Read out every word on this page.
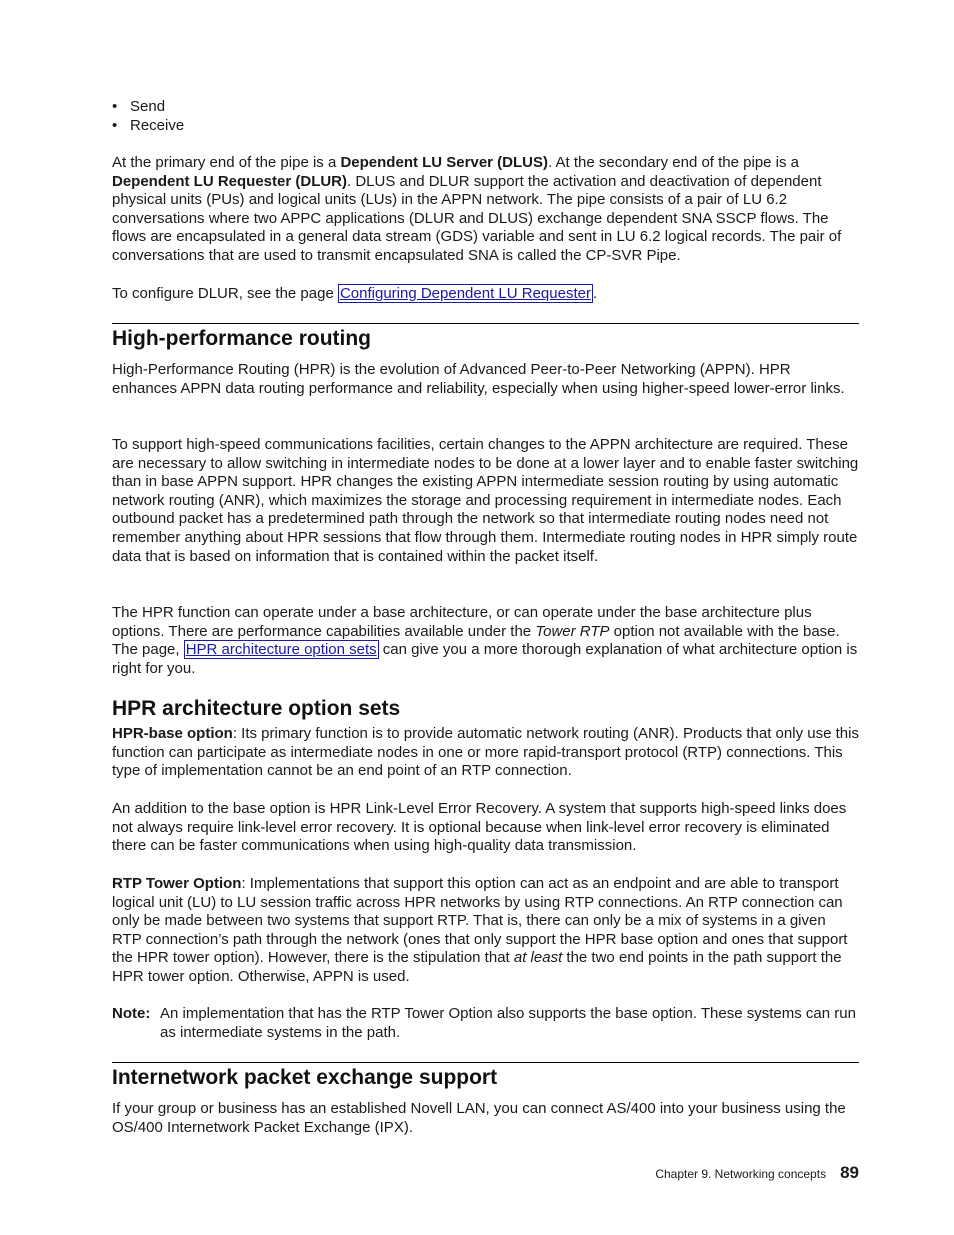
• Send
• Receive

At the primary end of the pipe is a Dependent LU Server (DLUS). At the secondary end of the pipe is a Dependent LU Requester (DLUR). DLUS and DLUR support the activation and deactivation of dependent physical units (PUs) and logical units (LUs) in the APPN network. The pipe consists of a pair of LU 6.2 conversations where two APPC applications (DLUR and DLUS) exchange dependent SNA SSCP flows. The flows are encapsulated in a general data stream (GDS) variable and sent in LU 6.2 logical records. The pair of conversations that are used to transmit encapsulated SNA is called the CP-SVR Pipe.

To configure DLUR, see the page Configuring Dependent LU Requester .

High-performance routing

High-Performance Routing (HPR) is the evolution of Advanced Peer-to-Peer Networking (APPN). HPR enhances APPN data routing performance and reliability, especially when using higher-speed lower-error links.

To support high-speed communications facilities, certain changes to the APPN architecture are required. These are necessary to allow switching in intermediate nodes to be done at a lower layer and to enable faster switching than in base APPN support. HPR changes the existing APPN intermediate session routing by using automatic network routing (ANR), which maximizes the storage and processing requirement in intermediate nodes. Each outbound packet has a predetermined path through the network so that intermediate routing nodes need not remember anything about HPR sessions that flow through them. Intermediate routing nodes in HPR simply route data that is based on information that is contained within the packet itself.

The HPR function can operate under a base architecture, or can operate under the base architecture plus options. There are performance capabilities available under the Tower RTP option not available with the base. The page, HPR architecture option sets can give you a more thorough explanation of what architecture option is right for you.

HPR architecture option sets

HPR-base option: Its primary function is to provide automatic network routing (ANR). Products that only use this function can participate as intermediate nodes in one or more rapid-transport protocol (RTP) connections. This type of implementation cannot be an end point of an RTP connection.

An addition to the base option is HPR Link-Level Error Recovery. A system that supports high-speed links does not always require link-level error recovery. It is optional because when link-level error recovery is eliminated there can be faster communications when using high-quality data transmission.

RTP Tower Option: Implementations that support this option can act as an endpoint and are able to transport logical unit (LU) to LU session traffic across HPR networks by using RTP connections. An RTP connection can only be made between two systems that support RTP. That is, there can only be a mix of systems in a given RTP connection’s path through the network (ones that only support the HPR base option and ones that support the HPR tower option). However, there is the stipulation that at least the two end points in the path support the HPR tower option. Otherwise, APPN is used.

Note: An implementation that has the RTP Tower Option also supports the base option. These systems can run as intermediate systems in the path.

Internetwork packet exchange support

If your group or business has an established Novell LAN, you can connect AS/400 into your business using the OS/400 Internetwork Packet Exchange (IPX).

Chapter 9. Networking concepts 89
